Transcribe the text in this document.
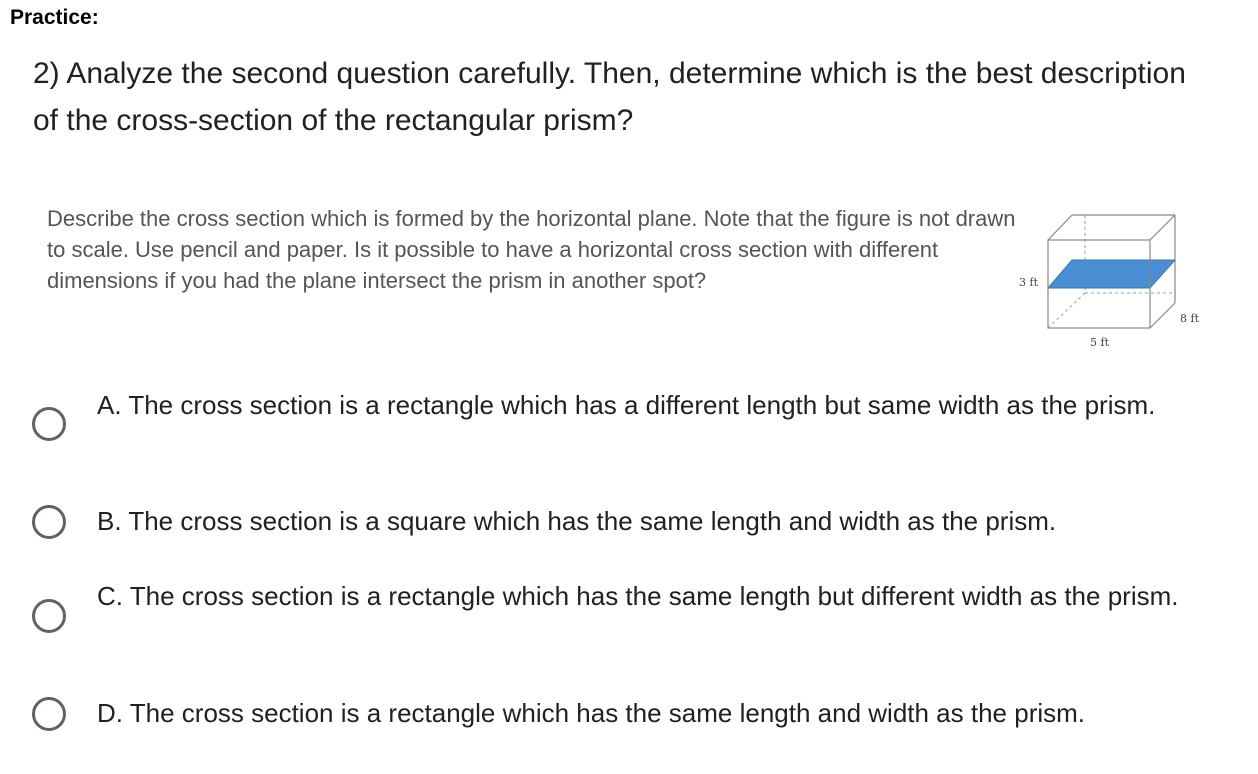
Practice:
2) Analyze the second question carefully. Then, determine which is the best description of the cross-section of the rectangular prism?
Describe the cross section which is formed by the horizontal plane. Note that the figure is not drawn to scale. Use pencil and paper. Is it possible to have a horizontal cross section with different dimensions if you had the plane intersect the prism in another spot?	3 ft
8 ft
5 ft
A. The cross section is a rectangle which has a different length but same width as the prism.
B. The cross section is a square which has the same length and width as the prism.
C. The cross section is a rectangle which has the same length but different width as the prism.
D. The cross section is a rectangle which has the same length and width as the prism.
